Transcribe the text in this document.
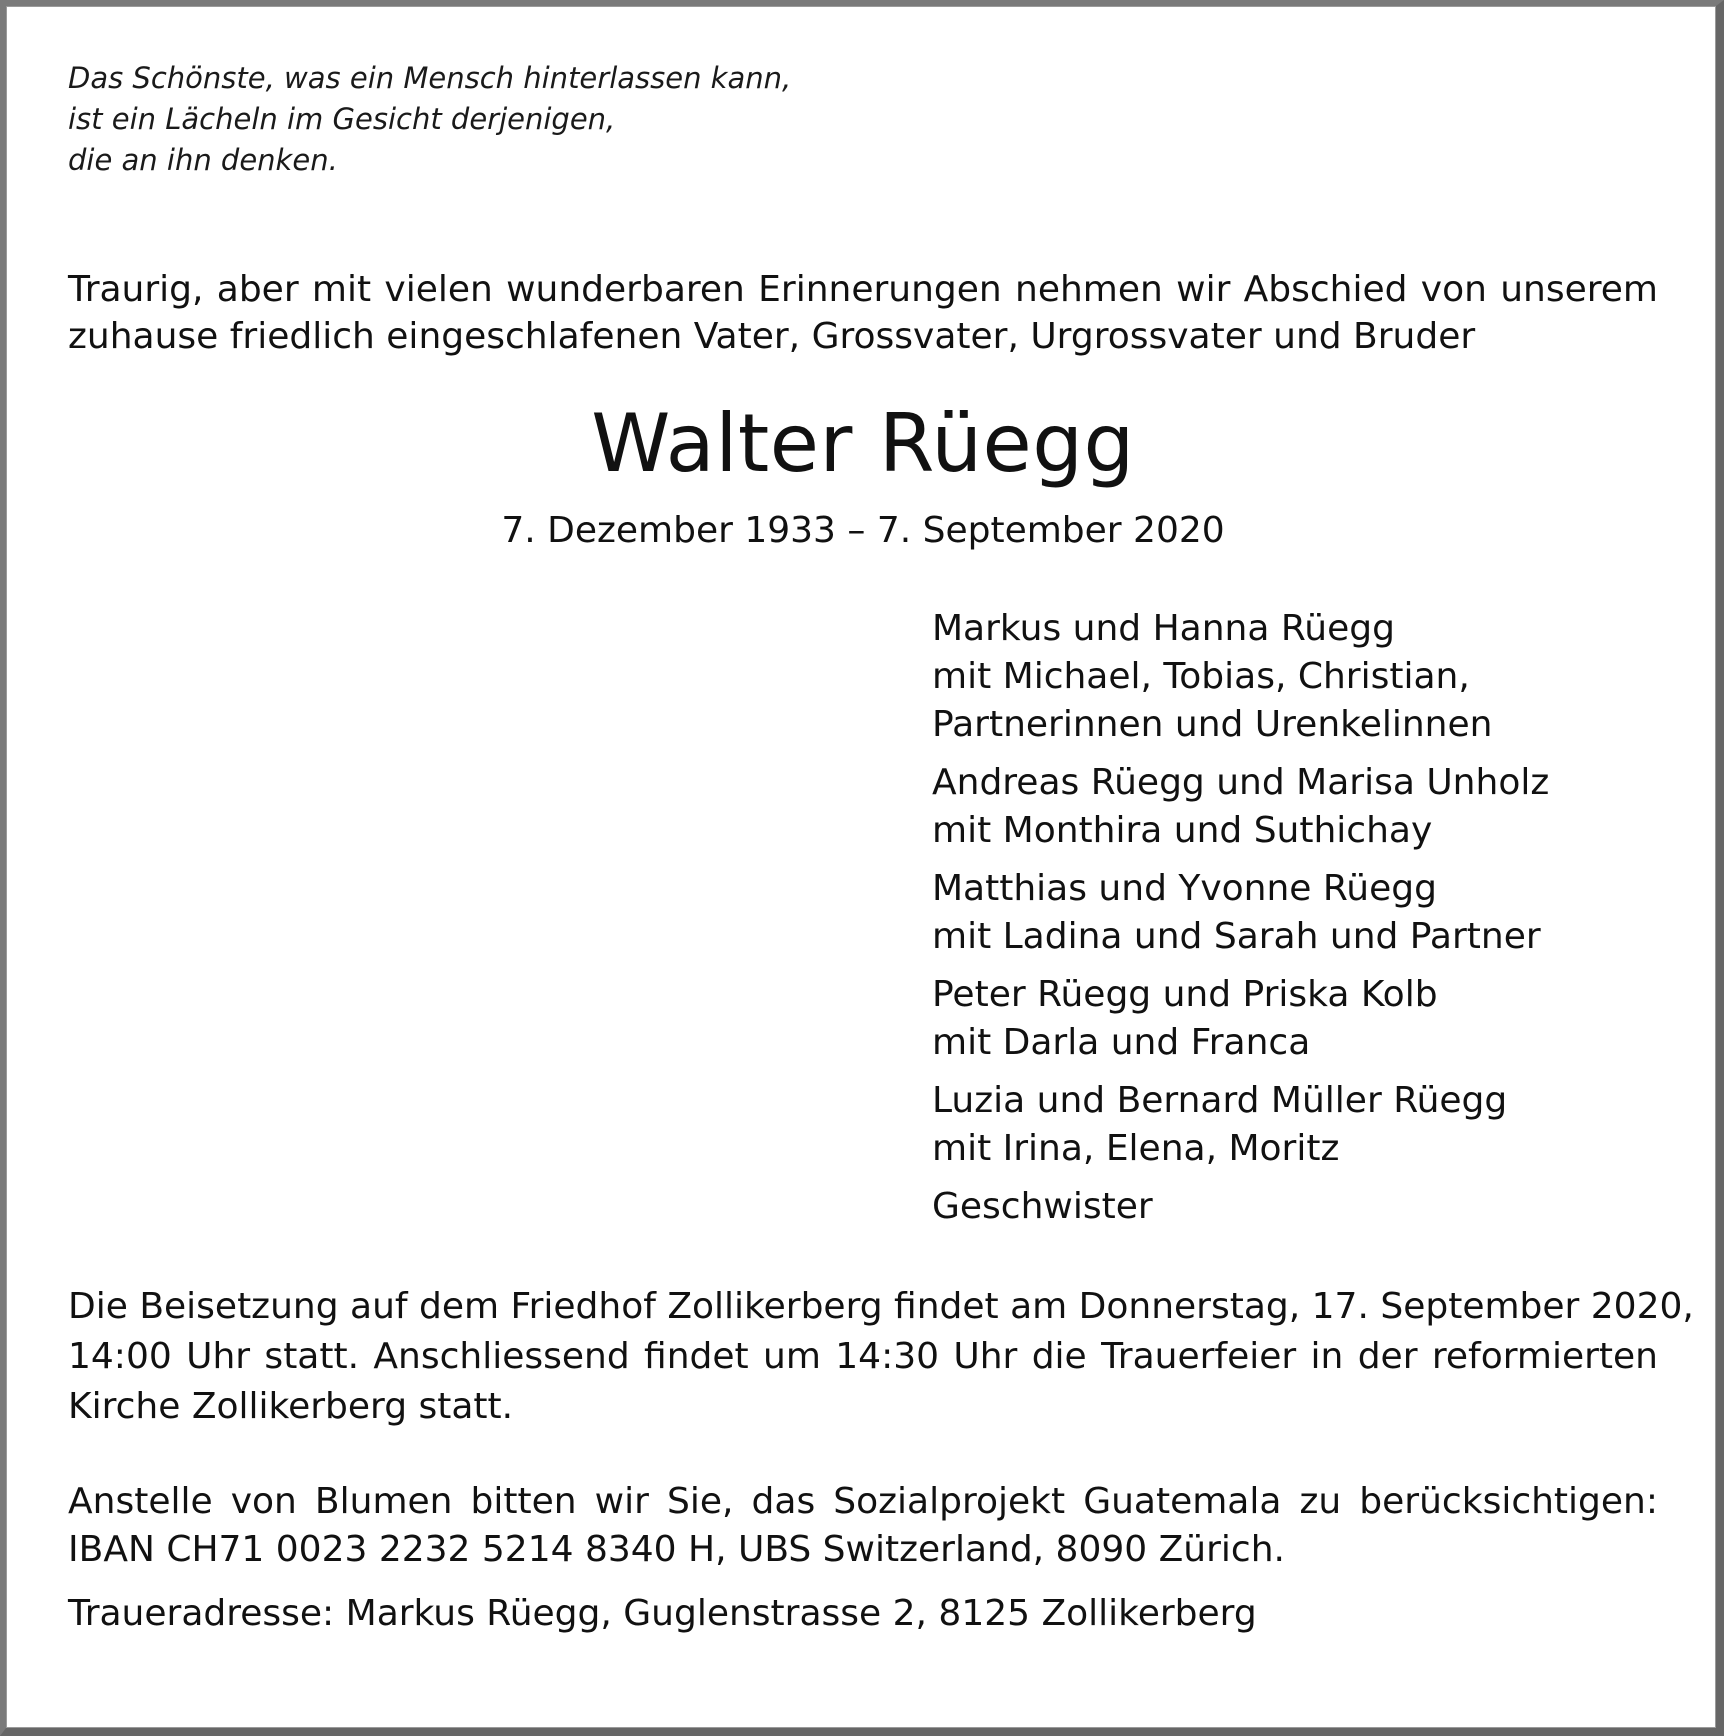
Das Schönste, was ein Mensch hinterlassen kann,
ist ein Lächeln im Gesicht derjenigen,
die an ihn denken.

Traurig, aber mit vielen wunderbaren Erinnerungen nehmen wir Abschied von unserem
zuhause friedlich eingeschlafenen Vater, Grossvater, Urgrossvater und Bruder

Walter Rüegg

7. Dezember 1933 – 7. September 2020

Markus und Hanna Rüegg
mit Michael, Tobias, Christian,
Partnerinnen und Urenkelinnen
Andreas Rüegg und Marisa Unholz
mit Monthira und Suthichay
Matthias und Yvonne Rüegg
mit Ladina und Sarah und Partner
Peter Rüegg und Priska Kolb
mit Darla und Franca
Luzia und Bernard Müller Rüegg
mit Irina, Elena, Moritz
Geschwister

Die Beisetzung auf dem Friedhof Zollikerberg findet am Donnerstag, 17. September 2020,
14:00 Uhr statt. Anschliessend findet um 14:30 Uhr die Trauerfeier in der reformierten
Kirche Zollikerberg statt.

Anstelle von Blumen bitten wir Sie, das Sozialprojekt Guatemala zu berücksichtigen:
IBAN CH71 0023 2232 5214 8340 H, UBS Switzerland, 8090 Zürich.

Traueradresse: Markus Rüegg, Guglenstrasse 2, 8125 Zollikerberg
